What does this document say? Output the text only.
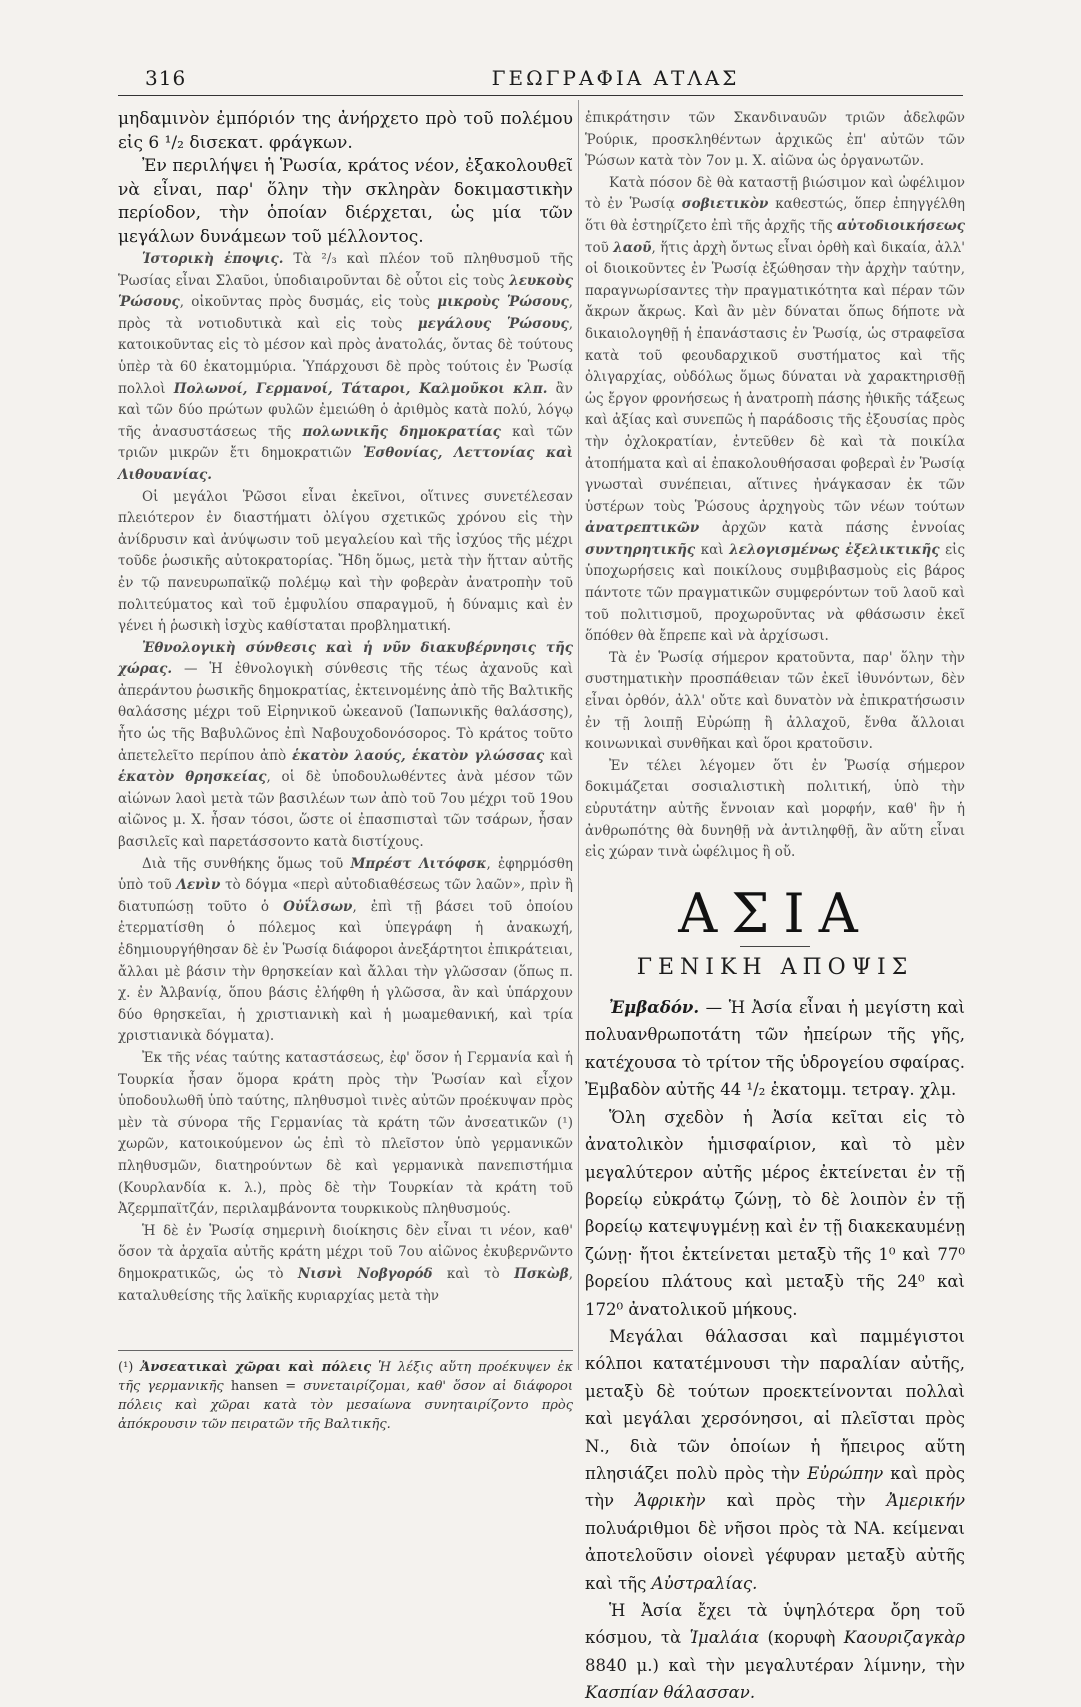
316	ΓΕΩΓΡΑΦΙΑ ΑΤΛΑΣ

μηδαμινὸν ἐμπόριόν της ἀνήρχετο πρὸ τοῦ πολέμου εἰς 6 ¹/₂ δισεκατ. φράγκων.

Ἐν περιλήψει ἡ Ῥωσία, κράτος νέον, ἐξακολουθεῖ νὰ εἶναι, παρ' ὅλην τὴν σκληρὰν δοκιμαστικὴν περίοδον, τὴν ὁποίαν διέρχεται, ὡς μία τῶν μεγάλων δυνάμεων τοῦ μέλλοντος.

Ἱστορικὴ ἐποψις. Τὰ ²/₃ καὶ πλέον τοῦ πληθυσμοῦ τῆς Ῥωσίας εἶναι Σλαῦοι, ὑποδιαιροῦνται δὲ οὗτοι εἰς τοὺς λευκοὺς Ῥώσους, οἰκοῦντας πρὸς δυσμάς, εἰς τοὺς μικροὺς Ῥώσους, πρὸς τὰ νοτιοδυτικὰ καὶ εἰς τοὺς μεγάλους Ῥώσους, κατοικοῦντας εἰς τὸ μέσον καὶ πρὸς ἀνατολάς, ὄντας δὲ τούτους ὑπὲρ τὰ 60 ἑκατομμύρια. Ὑπάρχουσι δὲ πρὸς τούτοις ἐν Ῥωσίᾳ πολλοὶ Πολωνοί, Γερμανοί, Τάταροι, Καλμοῦκοι κλπ. ἂν καὶ τῶν δύο πρώτων φυλῶν ἐμειώθη ὁ ἀριθμὸς κατὰ πολύ, λόγῳ τῆς ἀνασυστάσεως τῆς πολωνικῆς δημοκρατίας καὶ τῶν τριῶν μικρῶν ἔτι δημοκρατιῶν Ἐσθονίας, Λεττονίας καὶ Λιθουανίας.

Οἱ μεγάλοι Ῥῶσοι εἶναι ἐκεῖνοι, οἵτινες συνετέλεσαν πλειότερον ἐν διαστήματι ὀλίγου σχετικῶς χρόνου εἰς τὴν ἀνίδρυσιν καὶ ἀνύψωσιν τοῦ μεγαλείου καὶ τῆς ἰσχύος τῆς μέχρι τοῦδε ῥωσικῆς αὐτοκρατορίας. Ἤδη ὅμως, μετὰ τὴν ἥτταν αὐτῆς ἐν τῷ πανευρωπαϊκῷ πολέμῳ καὶ τὴν φοβερὰν ἀνατροπὴν τοῦ πολιτεύματος καὶ τοῦ ἐμφυλίου σπαραγμοῦ, ἡ δύναμις καὶ ἐν γένει ἡ ῥωσικὴ ἰσχὺς καθίσταται προβληματική.

Ἐθνολογικὴ σύνθεσις καὶ ἡ νῦν διακυβέρνησις τῆς χώρας. — Ἡ ἐθνολογικὴ σύνθεσις τῆς τέως ἀχανοῦς καὶ ἀπεράντου ῥωσικῆς δημοκρατίας, ἐκτεινομένης ἀπὸ τῆς Βαλτικῆς θαλάσσης μέχρι τοῦ Εἰρηνικοῦ ὠκεανοῦ (Ἰαπωνικῆς θαλάσσης), ἦτο ὡς τῆς Βαβυλῶνος ἐπὶ Ναβουχοδονόσορος. Τὸ κράτος τοῦτο ἀπετελεῖτο περίπου ἀπὸ ἑκατὸν λαούς, ἑκατὸν γλώσσας καὶ ἑκατὸν θρησκείας, οἱ δὲ ὑποδουλωθέντες ἀνὰ μέσον τῶν αἰώνων λαοὶ μετὰ τῶν βασιλέων των ἀπὸ τοῦ 7ου μέχρι τοῦ 19ου αἰῶνος μ. Χ. ἦσαν τόσοι, ὥστε οἱ ἐπασπισταὶ τῶν τσάρων, ἦσαν βασιλεῖς καὶ παρετάσσοντο κατὰ διστίχους.

Διὰ τῆς συνθήκης ὅμως τοῦ Μπρέστ Λιτόφσκ, ἐφηρμόσθη ὑπὸ τοῦ Λενὶν τὸ δόγμα «περὶ αὐτοδιαθέσεως τῶν λαῶν», πρὶν ἢ διατυπώσῃ τοῦτο ὁ Οὐΐλσων, ἐπὶ τῇ βάσει τοῦ ὁποίου ἐτερματίσθη ὁ πόλεμος καὶ ὑπεγράφη ἡ ἀνακωχή, ἐδημιουργήθησαν δὲ ἐν Ῥωσίᾳ διάφοροι ἀνεξάρτητοι ἐπικράτειαι, ἄλλαι μὲ βάσιν τὴν θρησκείαν καὶ ἄλλαι τὴν γλῶσσαν (ὅπως π. χ. ἐν Ἀλβανίᾳ, ὅπου βάσις ἐλήφθη ἡ γλῶσσα, ἂν καὶ ὑπάρχουν δύο θρησκεῖαι, ἡ χριστιανικὴ καὶ ἡ μωαμεθανική, καὶ τρία χριστιανικὰ δόγματα).

Ἐκ τῆς νέας ταύτης καταστάσεως, ἐφ' ὅσον ἡ Γερμανία καὶ ἡ Τουρκία ἦσαν ὅμορα κράτη πρὸς τὴν Ῥωσίαν καὶ εἶχον ὑποδουλωθῆ ὑπὸ ταύτης, πληθυσμοὶ τινὲς αὐτῶν προέκυψαν πρὸς μὲν τὰ σύνορα τῆς Γερμανίας τὰ κράτη τῶν ἀνσεατικῶν (¹) χωρῶν, κατοικούμενον ὡς ἐπὶ τὸ πλεῖστον ὑπὸ γερμανικῶν πληθυσμῶν, διατηρούντων δὲ καὶ γερμανικὰ πανεπιστήμια (Κουρλανδία κ. λ.), πρὸς δὲ τὴν Τουρκίαν τὰ κράτη τοῦ Ἀζερμπαϊτζάν, περιλαμβάνοντα τουρκικοὺς πληθυσμούς.

Ἡ δὲ ἐν Ῥωσίᾳ σημερινὴ διοίκησις δὲν εἶναι τι νέον, καθ' ὅσον τὰ ἀρχαῖα αὐτῆς κράτη μέχρι τοῦ 7ου αἰῶνος ἐκυβερνῶντο δημοκρατικῶς, ὡς τὸ Νισνὶ Νοβγορόδ καὶ τὸ Πσκὼβ, καταλυθείσης τῆς λαϊκῆς κυριαρχίας μετὰ τὴν

(¹) Ἀνσεατικαὶ χῶραι καὶ πόλεις Ἡ λέξις αὕτη προέκυψεν ἐκ τῆς γερμανικῆς hansen = συνεταιρίζομαι, καθ' ὅσον αἱ διάφοροι πόλεις καὶ χῶραι κατὰ τὸν μεσαίωνα συνηταιρίζοντο πρὸς ἀπόκρουσιν τῶν πειρατῶν τῆς Βαλτικῆς.

ἐπικράτησιν τῶν Σκανδιναυῶν τριῶν ἀδελφῶν Ῥούρικ, προσκληθέντων ἀρχικῶς ἐπ' αὐτῶν τῶν Ῥώσων κατὰ τὸν 7ον μ. Χ. αἰῶνα ὡς ὀργανωτῶν.

Κατὰ πόσον δὲ θὰ καταστῇ βιώσιμον καὶ ὠφέλιμον τὸ ἐν Ῥωσίᾳ σοβιετικὸν καθεστώς, ὅπερ ἐπηγγέλθη ὅτι θὰ ἐστηρίζετο ἐπὶ τῆς ἀρχῆς τῆς αὐτοδιοικήσεως τοῦ λαοῦ, ἥτις ἀρχὴ ὄντως εἶναι ὀρθὴ καὶ δικαία, ἀλλ' οἱ διοικοῦντες ἐν Ῥωσίᾳ ἐξώθησαν τὴν ἀρχὴν ταύτην, παραγνωρίσαντες τὴν πραγματικότητα καὶ πέραν τῶν ἄκρων ἄκρως. Καὶ ἂν μὲν δύναται ὅπως δήποτε νὰ δικαιολογηθῇ ἡ ἐπανάστασις ἐν Ῥωσίᾳ, ὡς στραφεῖσα κατὰ τοῦ φεουδαρχικοῦ συστήματος καὶ τῆς ὀλιγαρχίας, οὐδόλως ὅμως δύναται νὰ χαρακτηρισθῇ ὡς ἔργον φρονήσεως ἡ ἀνατροπὴ πάσης ἠθικῆς τάξεως καὶ ἀξίας καὶ συνεπῶς ἡ παράδοσις τῆς ἐξουσίας πρὸς τὴν ὀχλοκρατίαν, ἐντεῦθεν δὲ καὶ τὰ ποικίλα ἀτοπήματα καὶ αἱ ἐπακολουθήσασαι φοβεραὶ ἐν Ῥωσίᾳ γνωσταὶ συνέπειαι, αἵτινες ἠνάγκασαν ἐκ τῶν ὑστέρων τοὺς Ῥώσους ἀρχηγοὺς τῶν νέων τούτων ἀνατρεπτικῶν ἀρχῶν κατὰ πάσης ἐννοίας συντηρητικῆς καὶ λελογισμένως ἐξελικτικῆς εἰς ὑποχωρήσεις καὶ ποικίλους συμβιβασμοὺς εἰς βάρος πάντοτε τῶν πραγματικῶν συμφερόντων τοῦ λαοῦ καὶ τοῦ πολιτισμοῦ, προχωροῦντας νὰ φθάσωσιν ἐκεῖ ὅπόθεν θὰ ἔπρεπε καὶ νὰ ἀρχίσωσι.

Τὰ ἐν Ῥωσίᾳ σήμερον κρατοῦντα, παρ' ὅλην τὴν συστηματικὴν προσπάθειαν τῶν ἐκεῖ ἰθυνόντων, δὲν εἶναι ὀρθόν, ἀλλ' οὔτε καὶ δυνατὸν νὰ ἐπικρατήσωσιν ἐν τῇ λοιπῇ Εὐρώπῃ ἢ ἀλλαχοῦ, ἔνθα ἄλλοιαι κοινωνικαὶ συνθῆκαι καὶ ὅροι κρατοῦσιν.

Ἐν τέλει λέγομεν ὅτι ἐν Ῥωσίᾳ σήμερον δοκιμάζεται σοσιαλιστικὴ πολιτική, ὑπὸ τὴν εὐρυτάτην αὐτῆς ἔννοιαν καὶ μορφήν, καθ' ἣν ἡ ἀνθρωπότης θὰ δυνηθῇ νὰ ἀντιληφθῇ, ἂν αὕτη εἶναι εἰς χώραν τινὰ ὠφέλιμος ἢ οὔ.

ΑΣΙΑ
ΓΕΝΙΚΗ ΑΠΟΨΙΣ

Ἐμβαδόν. — Ἡ Ἀσία εἶναι ἡ μεγίστη καὶ πολυανθρωποτάτη τῶν ἠπείρων τῆς γῆς, κατέχουσα τὸ τρίτον τῆς ὑδρογείου σφαίρας. Ἐμβαδὸν αὐτῆς 44 ¹/₂ ἑκατομμ. τετραγ. χλμ.

Ὅλη σχεδὸν ἡ Ἀσία κεῖται εἰς τὸ ἀνατολικὸν ἡμισφαίριον, καὶ τὸ μὲν μεγαλύτερον αὐτῆς μέρος ἐκτείνεται ἐν τῇ βορείῳ εὐκράτῳ ζώνῃ, τὸ δὲ λοιπὸν ἐν τῇ βορείῳ κατεψυγμένῃ καὶ ἐν τῇ διακεκαυμένῃ ζώνῃ· ἤτοι ἐκτείνεται μεταξὺ τῆς 1⁰ καὶ 77⁰ βορείου πλάτους καὶ μεταξὺ τῆς 24⁰ καὶ 172⁰ ἀνατολικοῦ μήκους.

Μεγάλαι θάλασσαι καὶ παμμέγιστοι κόλποι κατατέμνουσι τὴν παραλίαν αὐτῆς, μεταξὺ δὲ τούτων προεκτείνονται πολλαὶ καὶ μεγάλαι χερσόνησοι, αἱ πλεῖσται πρὸς Ν., διὰ τῶν ὁποίων ἡ ἤπειρος αὕτη πλησιάζει πολὺ πρὸς τὴν Εὐρώπην καὶ πρὸς τὴν Ἀφρικὴν καὶ πρὸς τὴν Ἀμερικήν πολυάριθμοι δὲ νῆσοι πρὸς τὰ ΝΑ. κείμεναι ἀποτελοῦσιν οἱονεὶ γέφυραν μεταξὺ αὐτῆς καὶ τῆς Αὐστραλίας.

Ἡ Ἀσία ἔχει τὰ ὑψηλότερα ὄρη τοῦ κόσμου, τὰ Ἱμαλάια (κορυφὴ Καουριζαγκὰρ 8840 μ.) καὶ τὴν μεγαλυτέραν λίμνην, τὴν Κασπίαν θάλασσαν.
